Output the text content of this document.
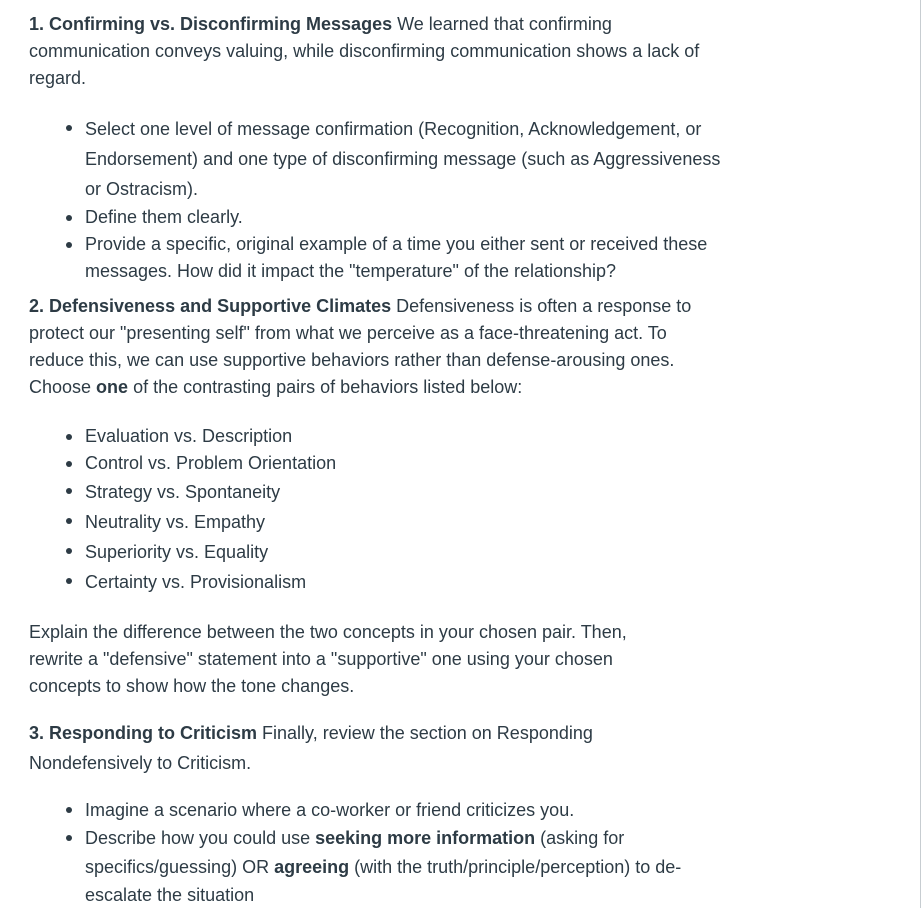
1. Confirming vs. Disconfirming Messages We learned that confirming communication conveys valuing, while disconfirming communication shows a lack of regard.

Select one level of message confirmation (Recognition, Acknowledgement, or Endorsement) and one type of disconfirming message (such as Aggressiveness or Ostracism).
Define them clearly.
Provide a specific, original example of a time you either sent or received these messages. How did it impact the "temperature" of the relationship?

2. Defensiveness and Supportive Climates Defensiveness is often a response to protect our "presenting self" from what we perceive as a face-threatening act. To reduce this, we can use supportive behaviors rather than defense-arousing ones. Choose one of the contrasting pairs of behaviors listed below:

Evaluation vs. Description
Control vs. Problem Orientation
Strategy vs. Spontaneity
Neutrality vs. Empathy
Superiority vs. Equality
Certainty vs. Provisionalism

Explain the difference between the two concepts in your chosen pair. Then, rewrite a "defensive" statement into a "supportive" one using your chosen concepts to show how the tone changes.

3. Responding to Criticism Finally, review the section on Responding Nondefensively to Criticism.

Imagine a scenario where a co-worker or friend criticizes you.
Describe how you could use seeking more information (asking for specifics/guessing) OR agreeing (with the truth/principle/perception) to de-escalate the situation
